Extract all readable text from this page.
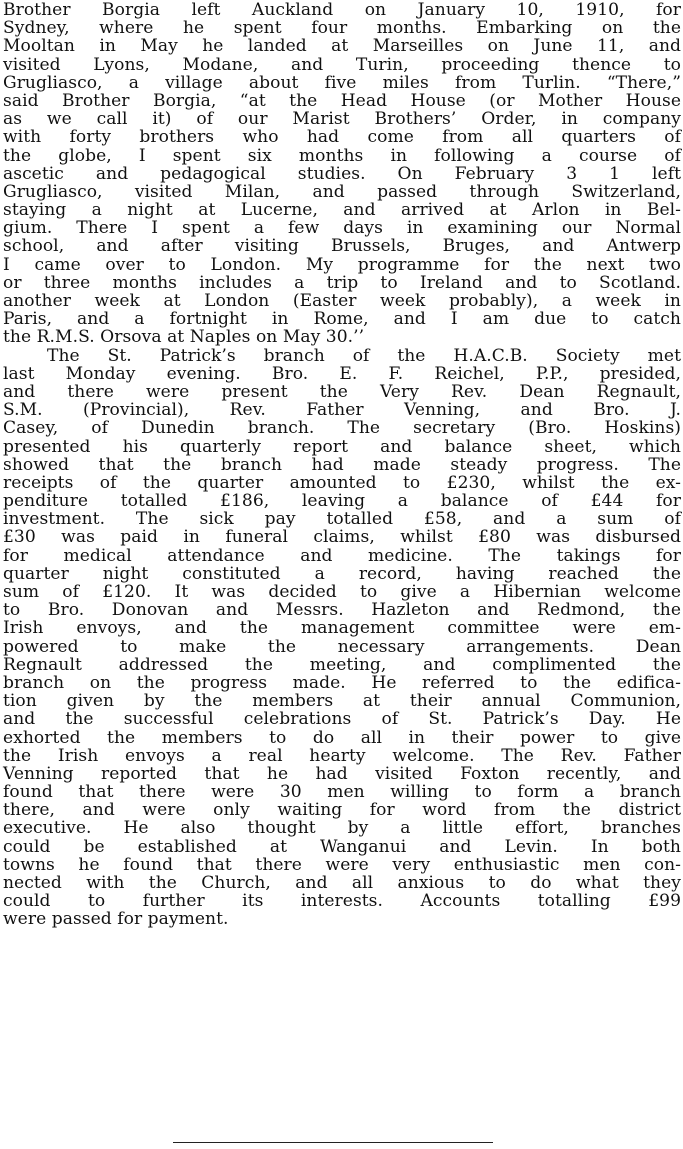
Brother Borgia left Auckland on January 10, 1910, for
Sydney, where he spent four months. Embarking on the
Mooltan in May he landed at Marseilles on June 11, and
visited Lyons, Modane, and Turin, proceeding thence to
Grugliasco, a village about five miles from Turlin. “There,”
said Brother Borgia, “at the Head House (or Mother House
as we call it) of our Marist Brothers’ Order, in company
with forty brothers who had come from all quarters of
the globe, I spent six months in following a course of
ascetic and pedagogical studies. On February 3 1 left
Grugliasco, visited Milan, and passed through Switzerland,
staying a night at Lucerne, and arrived at Arlon in Bel-
gium. There I spent a few days in examining our Normal
school, and after visiting Brussels, Bruges, and Antwerp
I came over to London. My programme for the next two
or three months includes a trip to Ireland and to Scotland.
another week at London (Easter week probably), a week in
Paris, and a fortnight in Rome, and I am due to catch
the R.M.S. Orsova at Naples on May 30.’’

The St. Patrick’s branch of the H.A.C.B. Society met
last Monday evening. Bro. E. F. Reichel, P.P., presided,
and there were present the Very Rev. Dean Regnault,
S.M. (Provincial), Rev. Father Venning, and Bro. J.
Casey, of Dunedin branch. The secretary (Bro. Hoskins)
presented his quarterly report and balance sheet, which
showed that the branch had made steady progress. The
receipts of the quarter amounted to £230, whilst the ex-
penditure totalled £186, leaving a balance of £44 for
investment. The sick pay totalled £58, and a sum of
£30 was paid in funeral claims, whilst £80 was disbursed
for medical attendance and medicine. The takings for
quarter night constituted a record, having reached the
sum of £120. It was decided to give a Hibernian welcome
to Bro. Donovan and Messrs. Hazleton and Redmond, the
Irish envoys, and the management committee were em-
powered to make the necessary arrangements. Dean
Regnault addressed the meeting, and complimented the
branch on the progress made. He referred to the edifica-
tion given by the members at their annual Communion,
and the successful celebrations of St. Patrick’s Day. He
exhorted the members to do all in their power to give
the Irish envoys a real hearty welcome. The Rev. Father
Venning reported that he had visited Foxton recently, and
found that there were 30 men willing to form a branch
there, and were only waiting for word from the district
executive. He also thought by a little effort, branches
could be established at Wanganui and Levin. In both
towns he found that there were very enthusiastic men con-
nected with the Church, and all anxious to do what they
could to further its interests. Accounts totalling £99
were passed for payment.
